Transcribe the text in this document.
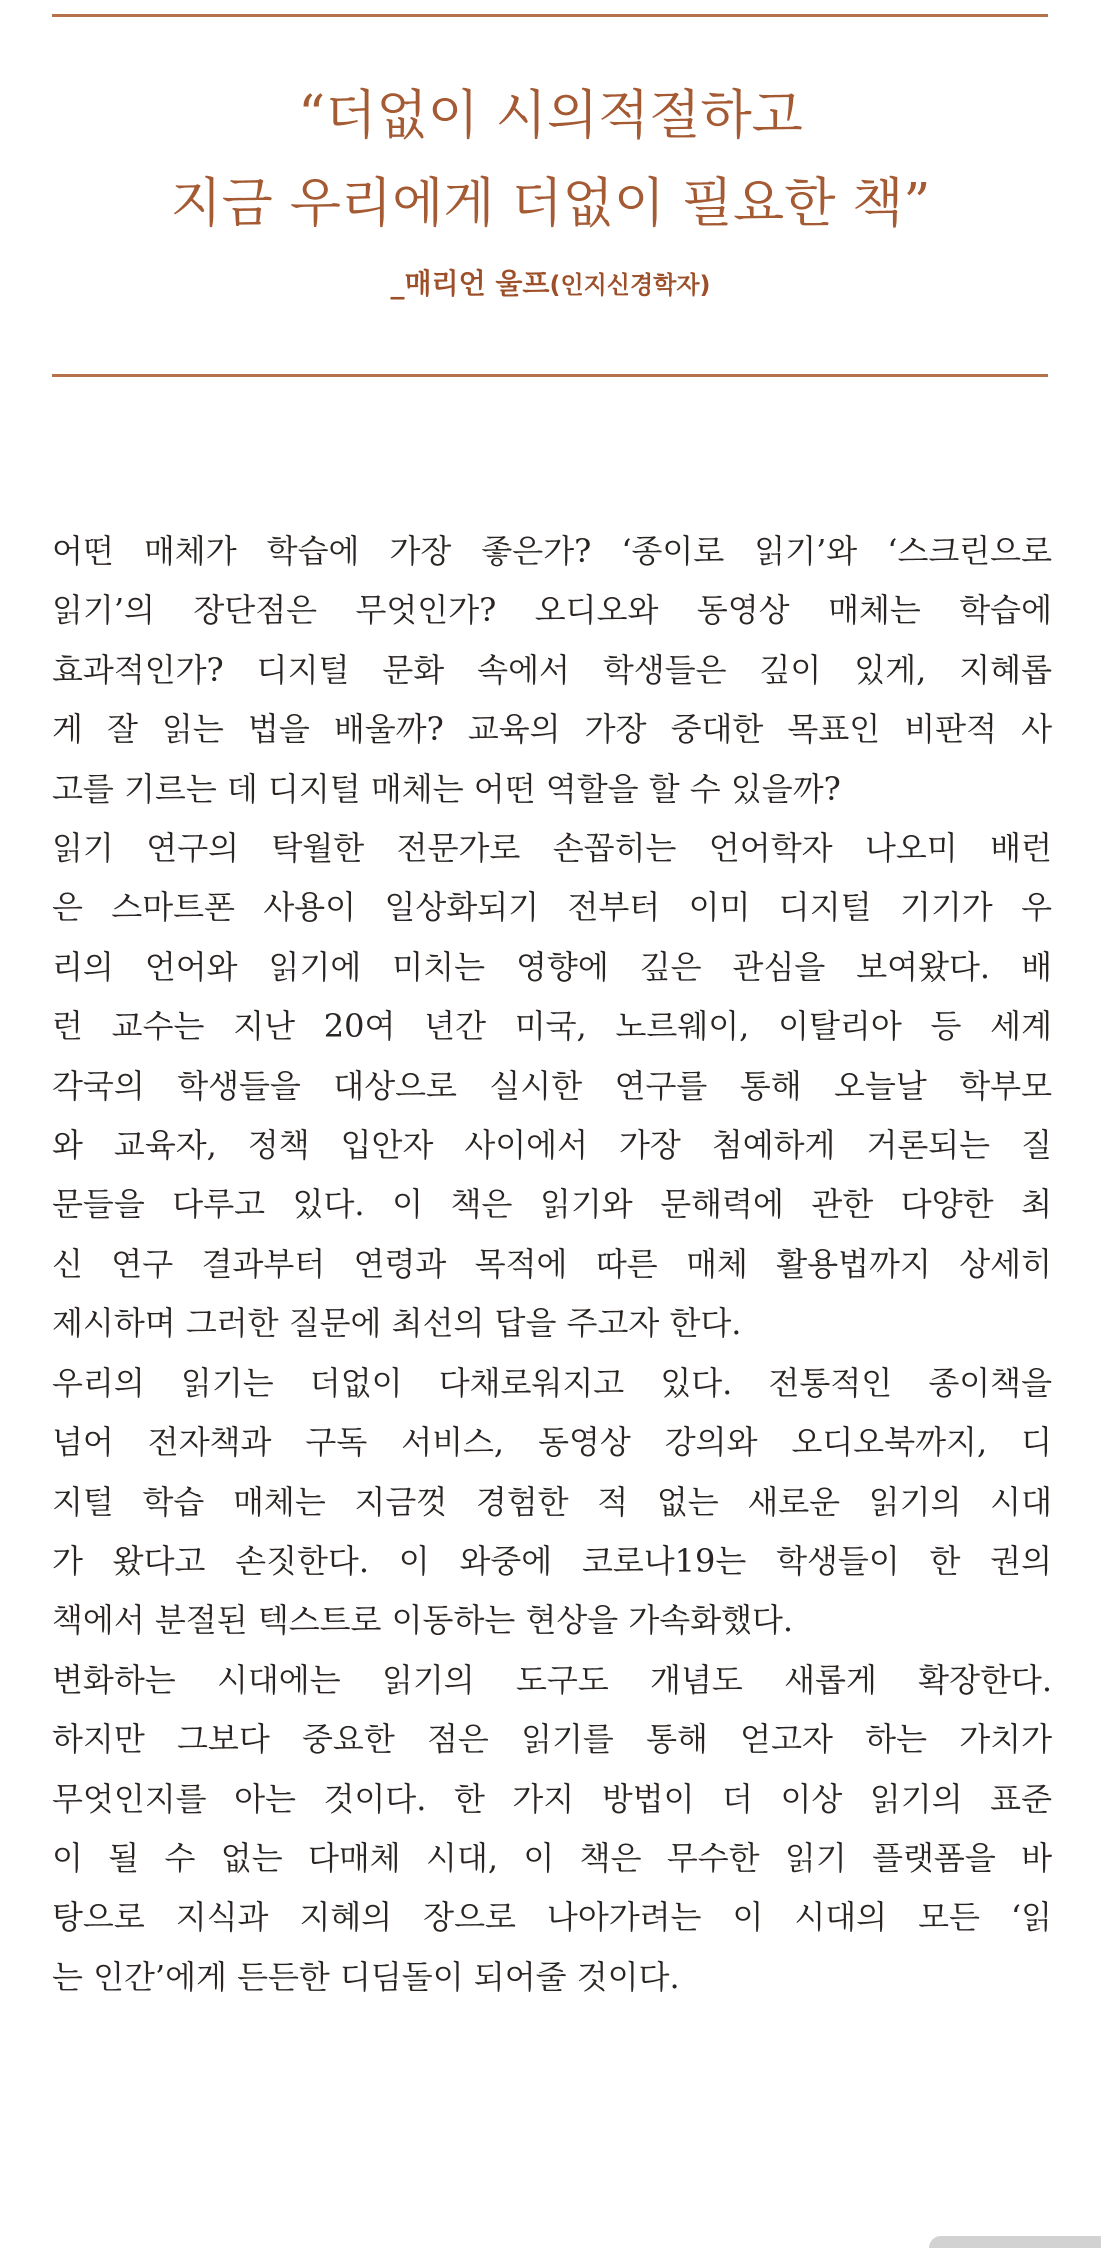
“더없이 시의적절하고
지금 우리에게 더없이 필요한 책”
_매리언 울프(인지신경학자)
어떤 매체가 학습에 가장 좋은가? ‘종이로 읽기’와 ‘스크린으로
읽기’의 장단점은 무엇인가? 오디오와 동영상 매체는 학습에
효과적인가? 디지털 문화 속에서 학생들은 깊이 있게, 지혜롭
게 잘 읽는 법을 배울까? 교육의 가장 중대한 목표인 비판적 사
고를 기르는 데 디지털 매체는 어떤 역할을 할 수 있을까?
읽기 연구의 탁월한 전문가로 손꼽히는 언어학자 나오미 배런
은 스마트폰 사용이 일상화되기 전부터 이미 디지털 기기가 우
리의 언어와 읽기에 미치는 영향에 깊은 관심을 보여왔다. 배
런 교수는 지난 20여 년간 미국, 노르웨이, 이탈리아 등 세계
각국의 학생들을 대상으로 실시한 연구를 통해 오늘날 학부모
와 교육자, 정책 입안자 사이에서 가장 첨예하게 거론되는 질
문들을 다루고 있다. 이 책은 읽기와 문해력에 관한 다양한 최
신 연구 결과부터 연령과 목적에 따른 매체 활용법까지 상세히
제시하며 그러한 질문에 최선의 답을 주고자 한다.
우리의 읽기는 더없이 다채로워지고 있다. 전통적인 종이책을
넘어 전자책과 구독 서비스, 동영상 강의와 오디오북까지, 디
지털 학습 매체는 지금껏 경험한 적 없는 새로운 읽기의 시대
가 왔다고 손짓한다. 이 와중에 코로나19는 학생들이 한 권의
책에서 분절된 텍스트로 이동하는 현상을 가속화했다.
변화하는 시대에는 읽기의 도구도 개념도 새롭게 확장한다.
하지만 그보다 중요한 점은 읽기를 통해 얻고자 하는 가치가
무엇인지를 아는 것이다. 한 가지 방법이 더 이상 읽기의 표준
이 될 수 없는 다매체 시대, 이 책은 무수한 읽기 플랫폼을 바
탕으로 지식과 지혜의 장으로 나아가려는 이 시대의 모든 ‘읽
는 인간’에게 든든한 디딤돌이 되어줄 것이다.
